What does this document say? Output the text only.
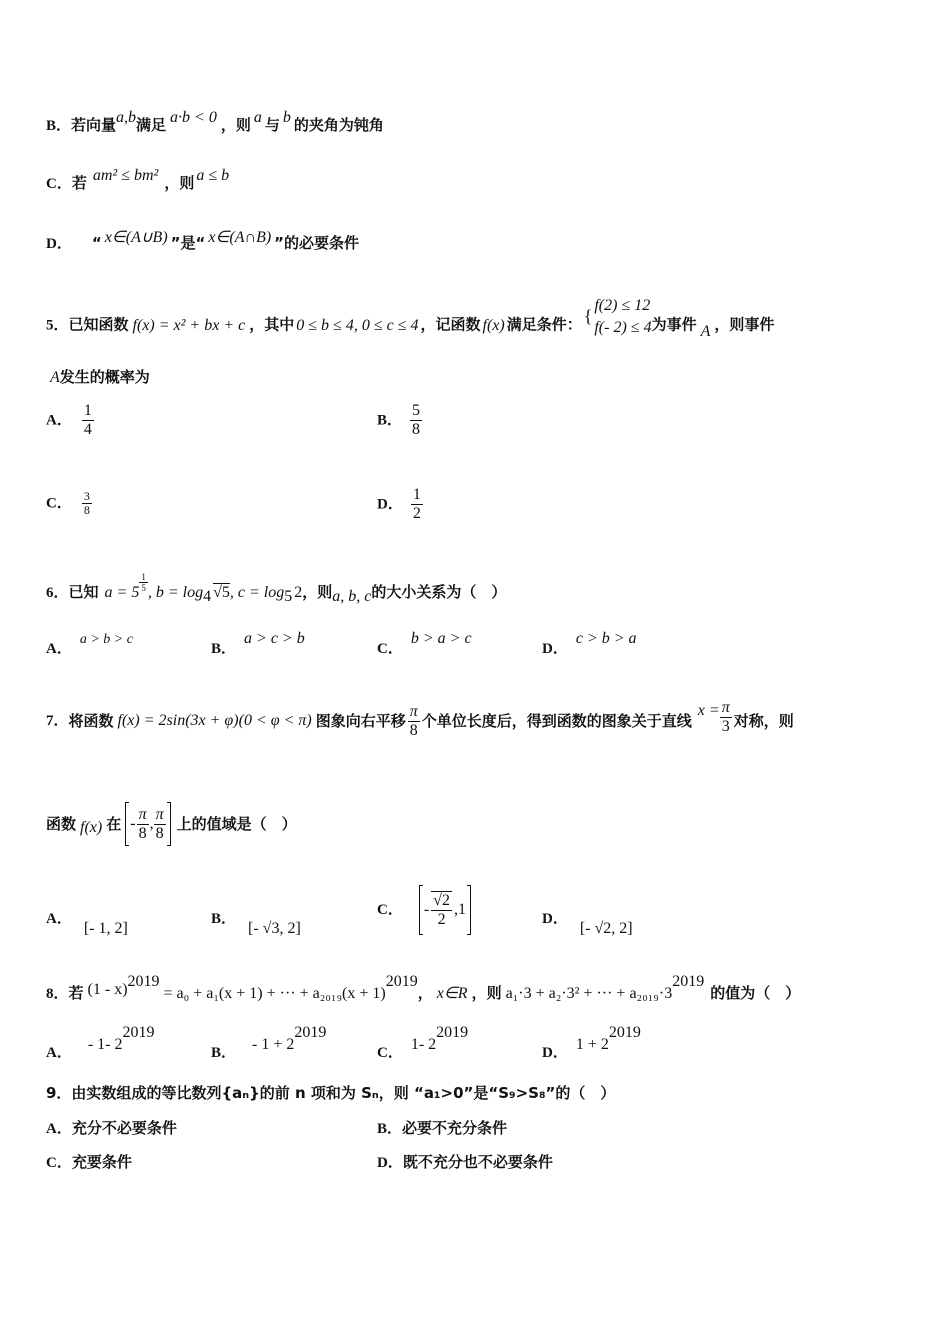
B．若向量a,b满足 a·b < 0 ，则 a 与 b 的夹角为钝角
C．若 am² ≤ bm² ，则 a ≤ b
D． “ x∈(A∪B) ”是“ x∈(A∩B) ”的必要条件
5．已知函数 f(x) = x² + bx + c ，其中 0 ≤ b ≤ 4, 0 ≤ c ≤ 4 ，记函数 f(x) 满足条件： {f(2) ≤ 12
f(- 2) ≤ 4为事件 A ，则事件
A发生的概率为
A． $\frac{1}{4}$	B． $\frac{5}{8}$
C． $\frac{3}{8}$	D． $\frac{1}{2}$
6．已知 $a = 5 \frac{1}{5}$ , $b = \log_4 √5$, $c = \log_5 2$，则a, b, c的大小关系为（　）
A．a > b > c
B．a > c > b
C．b > a > c
D．c > b > a
7． 将函数 f(x) = 2sin(3x + φ)(0 < φ < π) 图象向右平移 $\frac{\pi}{8}$ 个单位长度后，得到函数的图象关于直线
$x = \frac{\pi}{3}$ 对称，则
函数 f(x) 在 - $\frac{\pi}{8}$ , $\frac{\pi}{8}$ 上的值域是（　）
A．[- 1, 2]
B．[- √3, 2]
C． - $\frac{√2}{2} ,1$
D．[- √2, 2]
8．若 (1 - x)$^{2019}$= a₀ + a₁(x + 1) + ··· + $a_{2019}(x + 1)^{2019}$， x∈R ，则 a₁·3 + a₂·3² + ··· + $a_{2019}\cdot 3^{2019}$的值为（　）
A． - 1- $2^{2019}$
B． - $1 + 2^{2019}$
C． 1- $2^{2019}$
D． $1 + 2^{2019}$
9．由实数组成的等比数列{aₙ}的前 n 项和为 Sₙ，则 “a₁>0”是“S₉>S₈”的（　）
A．充分不必要条件	B．必要不充分条件
C．充要条件	D．既不充分也不必要条件
